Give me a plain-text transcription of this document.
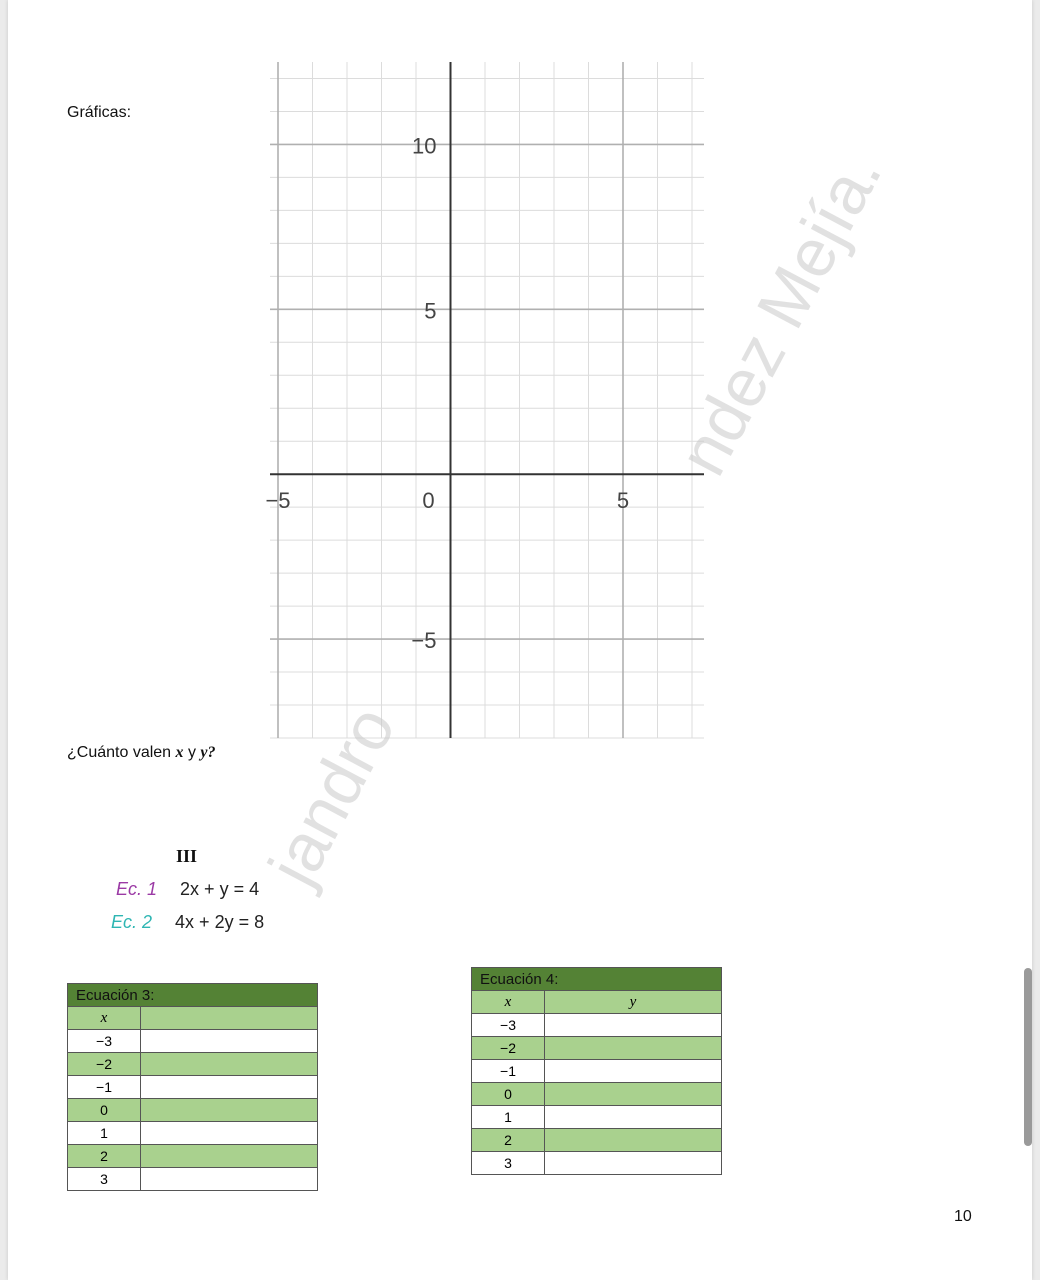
Gráficas:
−5	0	5
10
5
−5
¿Cuánto valen x y y?
III
Ec. 1 2x + y = 4
Ec. 2 4x + 2y = 8
Ecuación 3:	
x	
−3	
−2	
−1	
0	
1	
2	
3	
Ecuación 4:	
x	y
−3	
−2	
−1	
0	
1	
2	
3	
10
ndez Mejía.
jandro
